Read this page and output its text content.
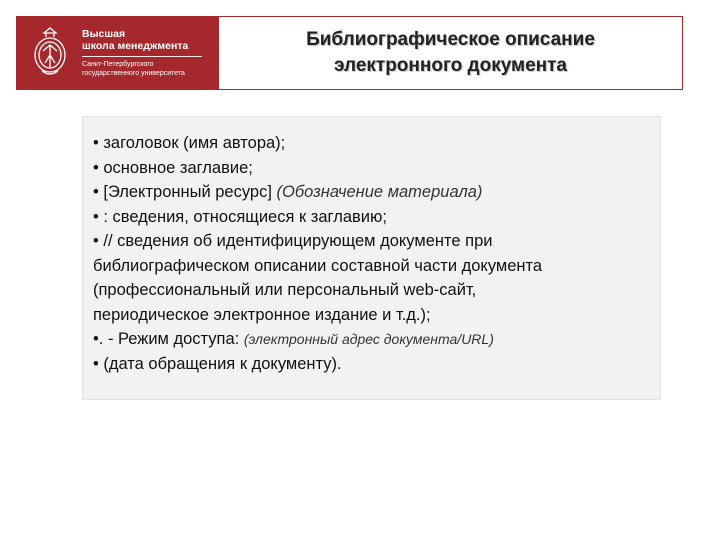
Высшая
школа менеджмента
Санкт-Петербургского
государственного университета
Библиографическое описание
электронного документа
• заголовок (имя автора);
• основное заглавие;
• [Электронный ресурс] (Обозначение материала)
• : сведения, относящиеся к заглавию;
• // сведения об идентифицирующем документе при
библиографическом описании составной части документа
(профессиональный или персональный web-сайт,
периодическое электронное издание и т.д.);
•. - Режим доступа: (электронный адрес документа/URL)
• (дата обращения к документу).
